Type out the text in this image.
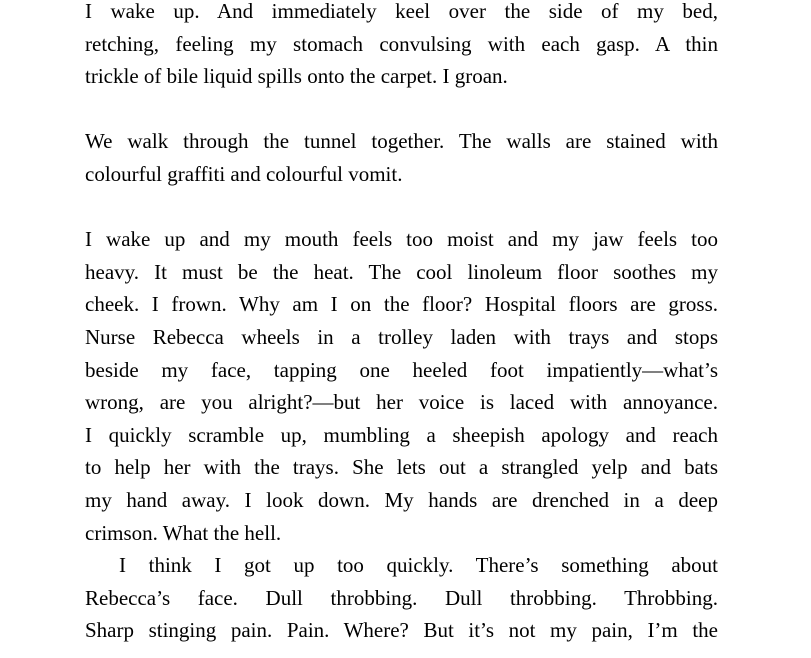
I wake up. And immediately keel over the side of my bed,
retching, feeling my stomach convulsing with each gasp. A thin
trickle of bile liquid spills onto the carpet. I groan.
We walk through the tunnel together. The walls are stained with
colourful graffiti and colourful vomit.
I wake up and my mouth feels too moist and my jaw feels too
heavy. It must be the heat. The cool linoleum floor soothes my
cheek. I frown. Why am I on the floor? Hospital floors are gross.
Nurse Rebecca wheels in a trolley laden with trays and stops
beside my face, tapping one heeled foot impatiently—what’s
wrong, are you alright?—but her voice is laced with annoyance.
I quickly scramble up, mumbling a sheepish apology and reach
to help her with the trays. She lets out a strangled yelp and bats
my hand away. I look down. My hands are drenched in a deep
crimson. What the hell.
I think I got up too quickly. There’s something about
Rebecca’s face. Dull throbbing. Dull throbbing. Throbbing.
Sharp stinging pain. Pain. Where? But it’s not my pain, I’m the
